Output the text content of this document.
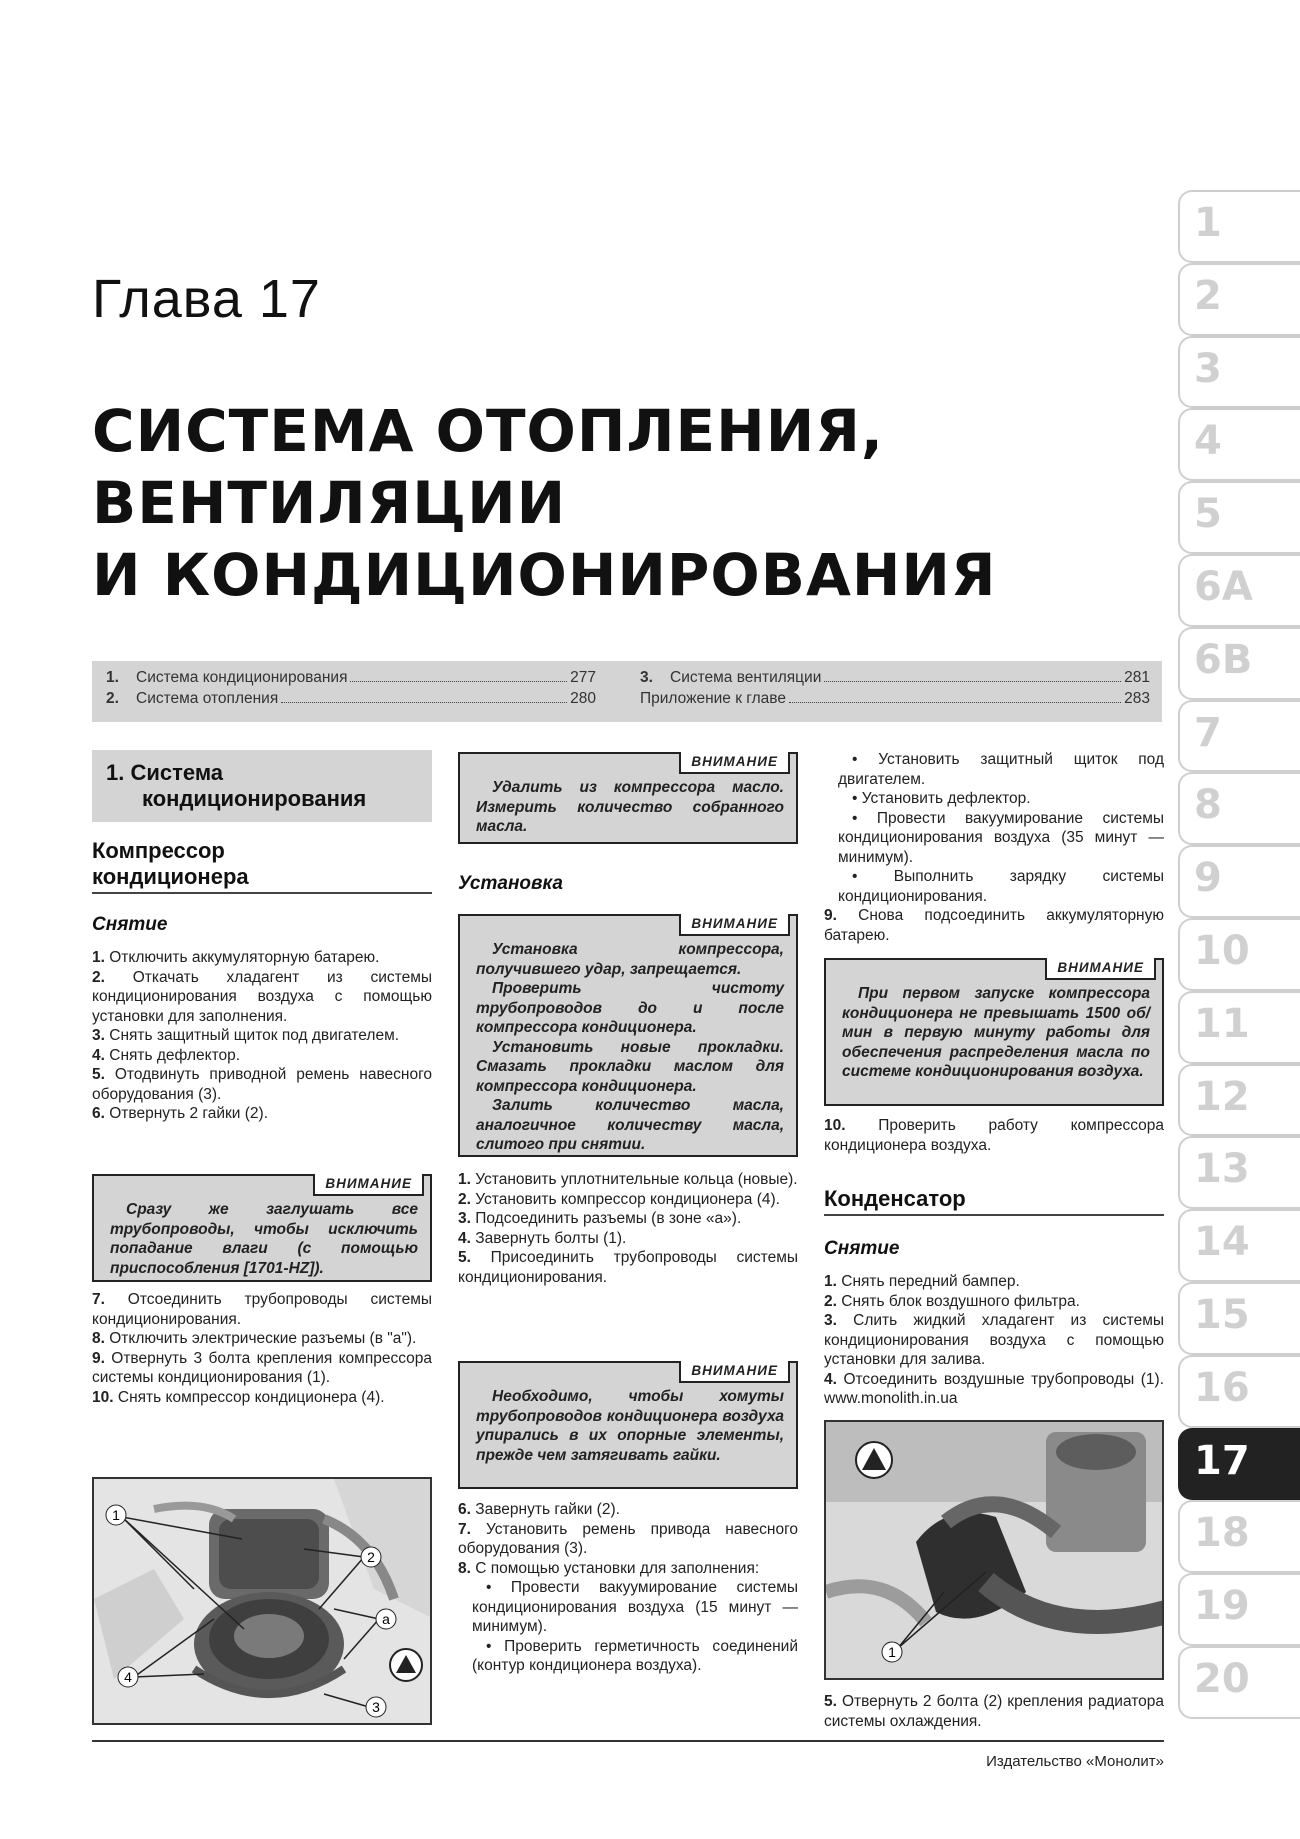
Глава 17
СИСТЕМА ОТОПЛЕНИЯ,
ВЕНТИЛЯЦИИ
И КОНДИЦИОНИРОВАНИЯ
1.	Система кондиционирования	277
2.	Система отопления	280
3.	Система вентиляции	281
Приложение к главе	283
1
2
3
4
5
6А
6В
7
8
9
10
11
12
13
14
15
16
17
18
19
20
1. Система
кондиционирования
Компрессор
кондиционера
Снятие

1. Отключить аккумуляторную батарею.

2. Откачать хладагент из системы кондиционирования воздуха с помощью установки для заполнения.

3. Снять защитный щиток под двигателем.

4. Снять дефлектор.

5. Отодвинуть приводной ремень навесного оборудования (3).

6. Отвернуть 2 гайки (2).

ВНИМАНИЕ

Сразу же заглушать все трубопроводы, чтобы исключить попадание влаги (с помощью приспособления [1701-HZ]).

7. Отсоединить трубопроводы системы кондиционирования.

8. Отключить электрические разъемы (в "а").

9. Отвернуть 3 болта крепления компрессора системы кондиционирования (1).

10. Снять компрессор кондиционера (4).

1
2
а
4
3
ВНИМАНИЕ

Удалить из компрессора масло. Измерить количество собранного масла.

Установка
ВНИМАНИЕ

Установка компрессора, получившего удар, запрещается.

Проверить чистоту трубопроводов до и после компрессора кондиционера.

Установить новые прокладки. Смазать прокладки маслом для компрессора кондиционера.

Залить количество масла, аналогичное количеству масла, слитого при снятии.

1. Установить уплотнительные кольца (новые).

2. Установить компрессор кондиционера (4).

3. Подсоединить разъемы (в зоне «а»).

4. Завернуть болты (1).

5. Присоединить трубопроводы системы кондиционирования.

ВНИМАНИЕ

Необходимо, чтобы хомуты трубопроводов кондиционера воздуха упирались в их опорные элементы, прежде чем затягивать гайки.

6. Завернуть гайки (2).

7. Установить ремень привода навесного оборудования (3).

8. С помощью установки для заполнения:

• Провести вакуумирование системы кондиционирования воздуха (15 минут — минимум).

• Проверить герметичность соединений (контур кондиционера воздуха).

• Установить защитный щиток под двигателем.

• Установить дефлектор.

• Провести вакуумирование системы кондиционирования воздуха (35 минут — минимум).

• Выполнить зарядку системы кондиционирования.

9. Снова подсоединить аккумуляторную батарею.

ВНИМАНИЕ

При первом запуске компрессора кондиционера не превышать 1500 об/мин в первую минуту работы для обеспечения распределения масла по системе кондиционирования воздуха.

10. Проверить работу компрессора кондиционера воздуха.

Конденсатор
Снятие

1. Снять передний бампер.

2. Снять блок воздушного фильтра.

3. Слить жидкий хладагент из системы кондиционирования воздуха с помощью установки для залива.

4. Отсоединить воздушные трубопроводы (1). www.monolith.in.ua

1

5. Отвернуть 2 болта (2) крепления радиатора системы охлаждения.

Издательство «Монолит»
